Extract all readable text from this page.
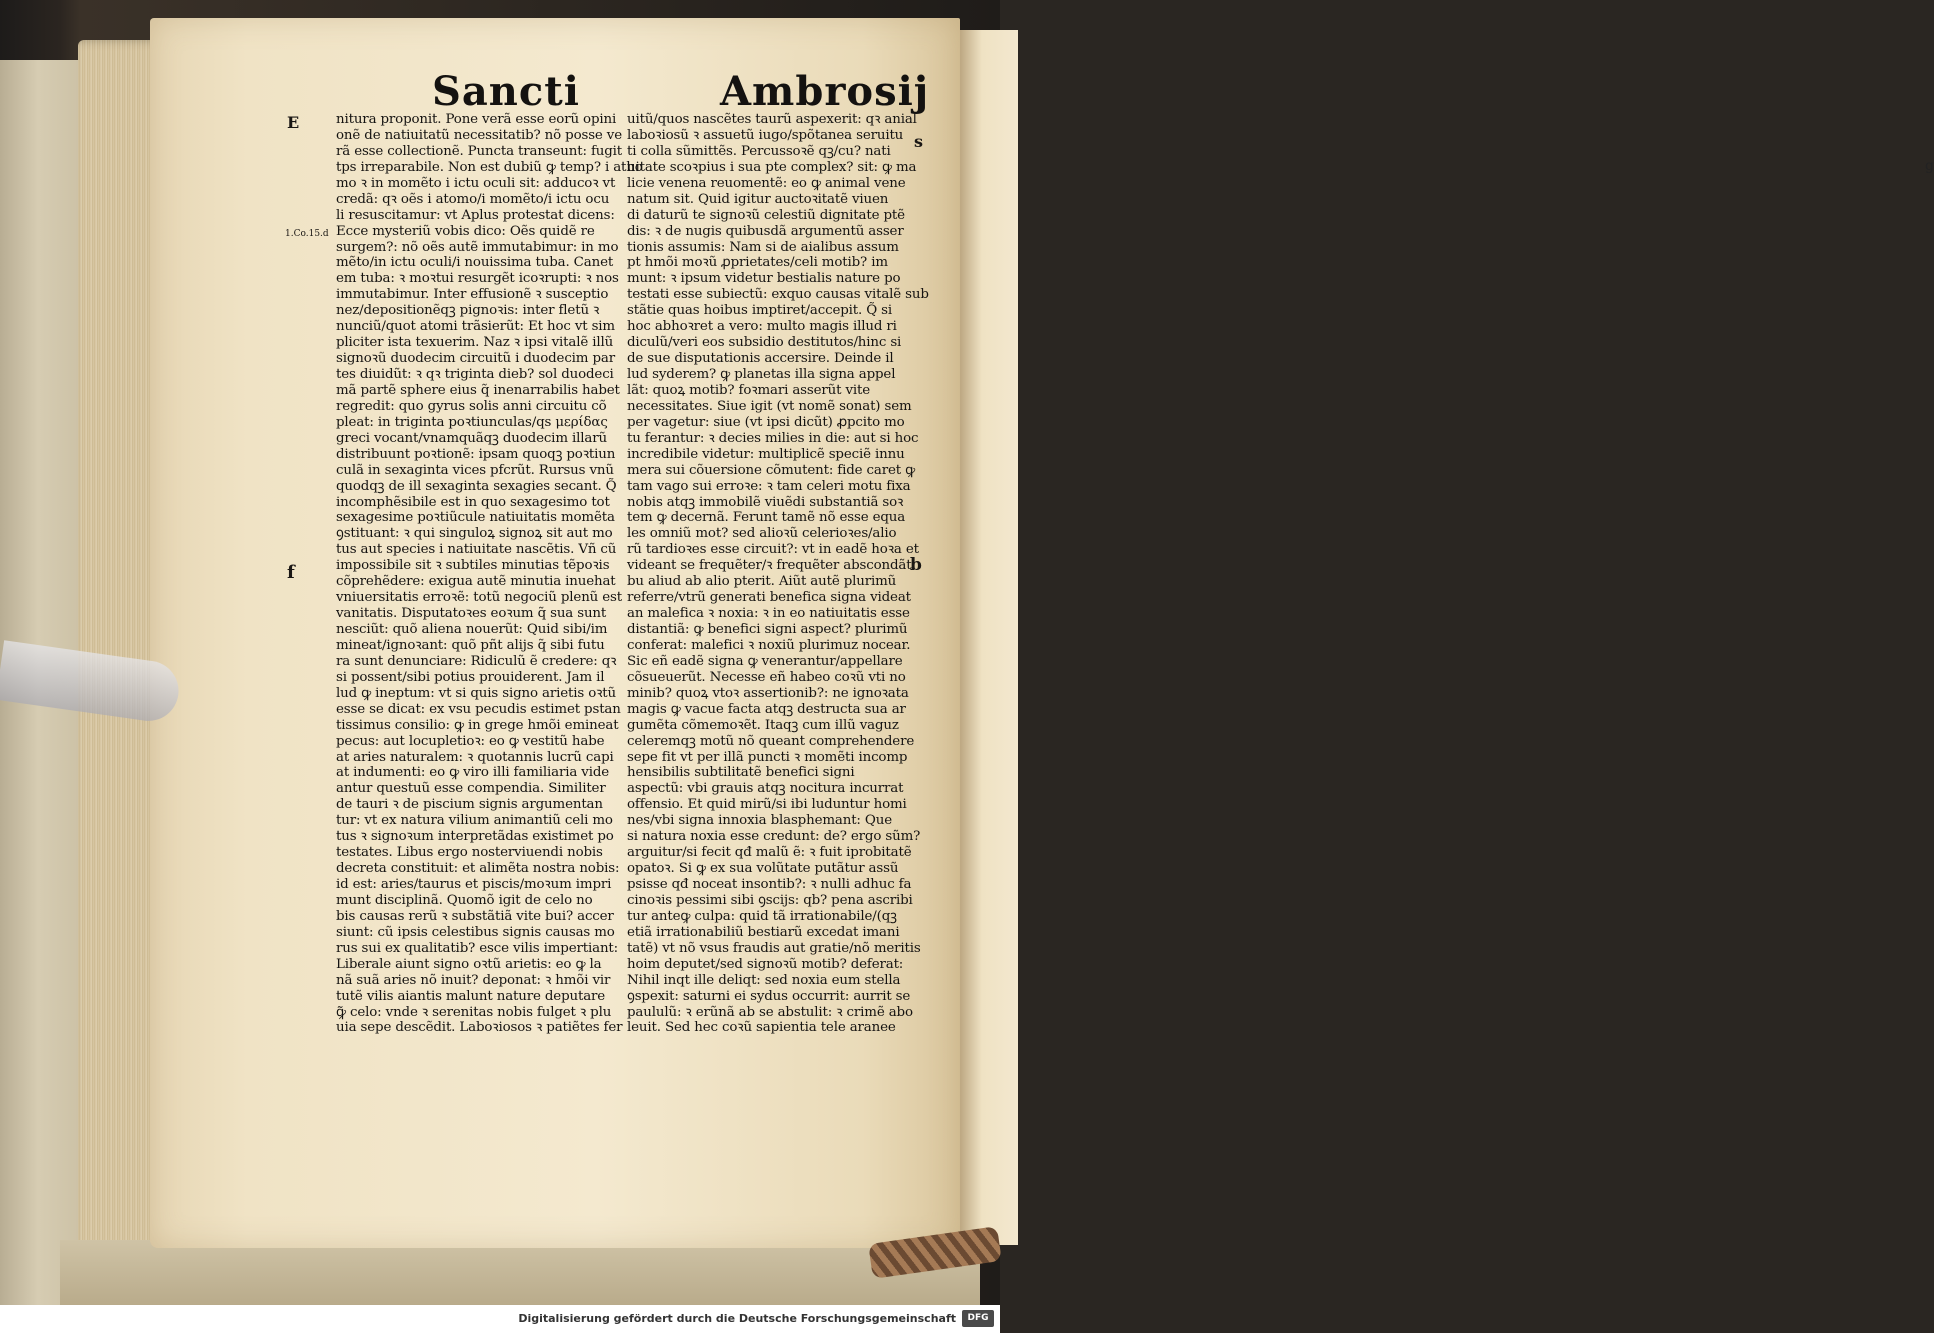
g
Sancti	Ambrosij
E
1.Co.15.d
f
s
b
nitura proponit. Pone verã esse eorũ opini
onẽ de natiuitatũ necessitatib? nõ posse ve
rã esse collectionẽ. Puncta transeunt: fugit
tps irreparabile. Non est dubiũ ꝙ temp? i atho
mo ꝛ in momẽto i ictu oculi sit: adducoꝛ vt
credã: qꝛ oẽs i atomo/i momẽto/i ictu ocu
li resuscitamur: vt Aplus protestat dicens:
Ecce mysteriũ vobis dico: Oẽs quidẽ re
surgem?: nõ oẽs autẽ immutabimur: in mo
mẽto/in ictu oculi/i nouissima tuba. Canet
em tuba: ꝛ moꝛtui resurgẽt icoꝛrupti: ꝛ nos
immutabimur. Inter effusionẽ ꝛ susceptio
nez/depositionẽqꝫ pignoꝛis: inter fletũ ꝛ
nunciũ/quot atomi trãsierũt: Et hoc vt sim
pliciter ista texuerim. Naz ꝛ ipsi vitalẽ illũ
signoꝛũ duodecim circuitũ i duodecim par
tes diuidũt: ꝛ qꝛ triginta dieb? sol duodeci
mã partẽ sphere eius q̃ inenarrabilis habet
regredit: quo gyrus solis anni circuitu cõ
pleat: in triginta poꝛtiunculas/qs μερίδας
greci vocant/vnamquãqꝫ duodecim illarũ
distribuunt poꝛtionẽ: ipsam quoqꝫ poꝛtiun
culã in sexaginta vices pfcrũt. Rursus vnũ
quodqꝫ de ill sexaginta sexagies secant. Q̃
incomphẽsibile est in quo sexagesimo tot
sexagesime poꝛtiũcule natiuitatis momẽta
ꝯstituant: ꝛ qui singuloꝝ signoꝝ sit aut mo
tus aut species i natiuitate nascẽtis. Vñ cũ
impossibile sit ꝛ subtiles minutias tẽpoꝛis
cõprehẽdere: exigua autẽ minutia inuehat
vniuersitatis erroꝛẽ: totũ negociũ plenũ est
vanitatis. Disputatoꝛes eoꝛum q̃ sua sunt
nesciũt: quõ aliena nouerũt: Quid sibi/im
mineat/ignoꝛant: quõ pñt alijs q̃ sibi futu
ra sunt denunciare: Ridiculũ ẽ credere: qꝛ
si possent/sibi potius prouiderent. Jam il
lud ꝙ ineptum: vt si quis signo arietis oꝛtũ
esse se dicat: ex vsu pecudis estimet pstan
tissimus consilio: ꝙ in grege hmõi emineat
pecus: aut locupletioꝛ: eo ꝙ vestitũ habe
at aries naturalem: ꝛ quotannis lucrũ capi
at indumenti: eo ꝙ viro illi familiaria vide
antur questuũ esse compendia. Similiter
de tauri ꝛ de piscium signis argumentan
tur: vt ex natura vilium animantiũ celi mo
tus ꝛ signoꝛum interpretãdas existimet po
testates. Libus ergo nosterviuendi nobis
decreta constituit: et alimẽta nostra nobis:
id est: aries/taurus et piscis/moꝛum impri
munt disciplinã. Quomõ igit de celo no
bis causas rerũ ꝛ substãtiã vite bui? accer
siunt: cũ ipsis celestibus signis causas mo
rus sui ex qualitatib? esce vilis impertiant:
Liberale aiunt signo oꝛtũ arietis: eo ꝙ la
nã suã aries nõ inuit? deponat: ꝛ hmõi vir
tutẽ vilis aiantis malunt nature deputare
ꝙ̃ celo: vnde ꝛ serenitas nobis fulget ꝛ plu
uia sepe descẽdit. Laboꝛiosos ꝛ patiẽtes fer
uitũ/quos nascẽtes taurũ aspexerit: qꝛ anial
laboꝛiosũ ꝛ assuetũ iugo/spõtanea seruitu
ti colla sũmittẽs. Percussoꝛẽ qꝫ/cu? nati
uitate scoꝛpius i sua pte complex? sit: ꝙ ma
licie venena reuomentẽ: eo ꝙ animal vene
natum sit. Quid igitur auctoꝛitatẽ viuen
di daturũ te signoꝛũ celestiũ dignitate ptẽ
dis: ꝛ de nugis quibusdã argumentũ asser
tionis assumis: Nam si de aialibus assum
pt hmõi moꝛũ ꝓprietates/celi motib? im
munt: ꝛ ipsum videtur bestialis nature po
testati esse subiectũ: exquo causas vitalẽ sub
stãtie quas hoibus imptiret/accepit. Q̃ si
hoc abhoꝛret a vero: multo magis illud ri
diculũ/veri eos subsidio destitutos/hinc si
de sue disputationis accersire. Deinde il
lud syderem? ꝙ planetas illa signa appel
lãt: quoꝝ motib? foꝛmari asserũt vite
necessitates. Siue igit (vt nomẽ sonat) sem
per vagetur: siue (vt ipsi dicũt) ꝓpcito mo
tu ferantur: ꝛ decies milies in die: aut si hoc
incredibile videtur: multiplicẽ speciẽ innu
mera sui cõuersione cõmutent: fide caret ꝙ
tam vago sui erroꝛe: ꝛ tam celeri motu fixa
nobis atqꝫ immobilẽ viuẽdi substantiã soꝛ
tem ꝙ decernã. Ferunt tamẽ nõ esse equa
les omniũ mot? sed alioꝛũ celerioꝛes/alio
rũ tardioꝛes esse circuit?: vt in eadẽ hoꝛa et
videant se frequẽter/ꝛ frequẽter abscondãt
bu aliud ab alio pterit. Aiũt autẽ plurimũ
referre/vtrũ generati benefica signa videat
an malefica ꝛ noxia: ꝛ in eo natiuitatis esse
distantiã: ꝙ benefici signi aspect? plurimũ
conferat: malefici ꝛ noxiũ plurimuz nocear.
Sic eñ eadẽ signa ꝙ venerantur/appellare
cõsueuerũt. Necesse eñ habeo coꝛũ vti no
minib? quoꝝ vtoꝛ assertionib?: ne ignoꝛata
magis ꝙ vacue facta atqꝫ destructa sua ar
gumẽta cõmemoꝛẽt. Itaqꝫ cum illũ vaguz
celeremqꝫ motũ nõ queant comprehendere
sepe fit vt per illã puncti ꝛ momẽti incomp
hensibilis subtilitatẽ benefici signi
aspectũ: vbi grauis atqꝫ nocitura incurrat
offensio. Et quid mirũ/si ibi luduntur homi
nes/vbi signa innoxia blasphemant: Que
si natura noxia esse credunt: de? ergo sũm?
arguitur/si fecit qđ malũ ẽ: ꝛ fuit iprobitatẽ
opatoꝛ. Si ꝙ ex sua volũtate putãtur assũ
psisse qđ noceat insontib?: ꝛ nulli adhuc fa
cinoꝛis pessimi sibi ꝯscijs: qb? pena ascribi
tur anteꝙ culpa: quid tã irrationabile/(qꝫ
etiã irrationabiliũ bestiarũ excedat imani
tatẽ) vt nõ vsus fraudis aut gratie/nõ meritis
hoim deputet/sed signoꝛũ motib? deferat:
Nihil inqt ille deliqt: sed noxia eum stella
ꝯspexit: saturni ei sydus occurrit: aurrit se
paululũ: ꝛ erũnã ab se abstulit: ꝛ crimẽ abo
leuit. Sed hec coꝛũ sapientia tele aranee
Digitalisierung gefördert durch die Deutsche Forschungsgemeinschaft	DFG
